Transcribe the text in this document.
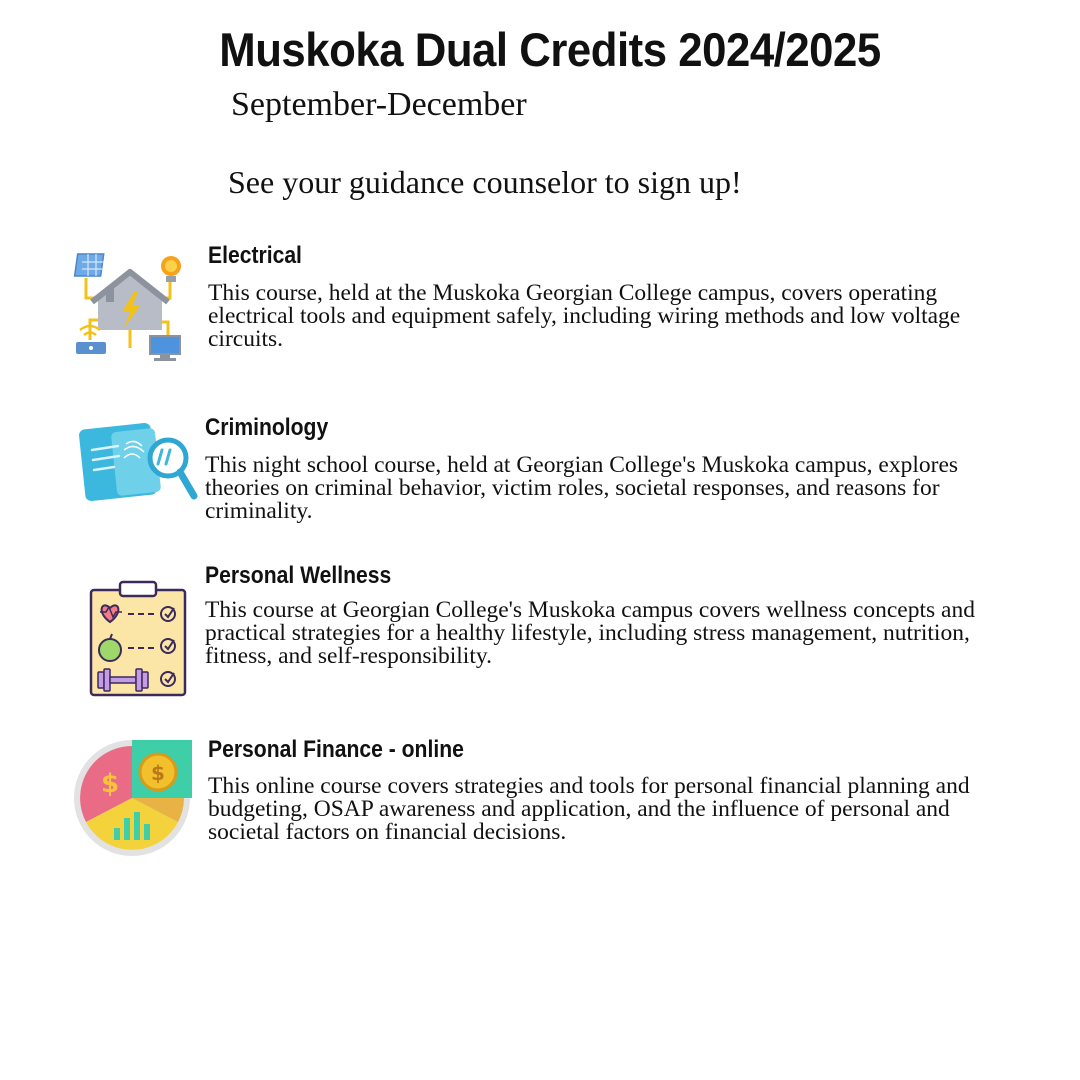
Muskoka Dual Credits 2024/2025
September-December
See your guidance counselor to sign up!
Electrical
This course, held at the Muskoka Georgian College campus, covers operating electrical tools and equipment safely, including wiring methods and low voltage circuits.
Criminology
This night school course, held at Georgian College's Muskoka campus, explores theories on criminal behavior, victim roles, societal responses, and reasons for criminality.
Personal Wellness
This course at Georgian College's Muskoka campus covers wellness concepts and practical strategies for a healthy lifestyle, including stress management, nutrition, fitness, and self-responsibility.
$
$
Personal Finance - online
This online course covers strategies and tools for personal financial planning and budgeting, OSAP awareness and application, and the influence of personal and societal factors on financial decisions.
